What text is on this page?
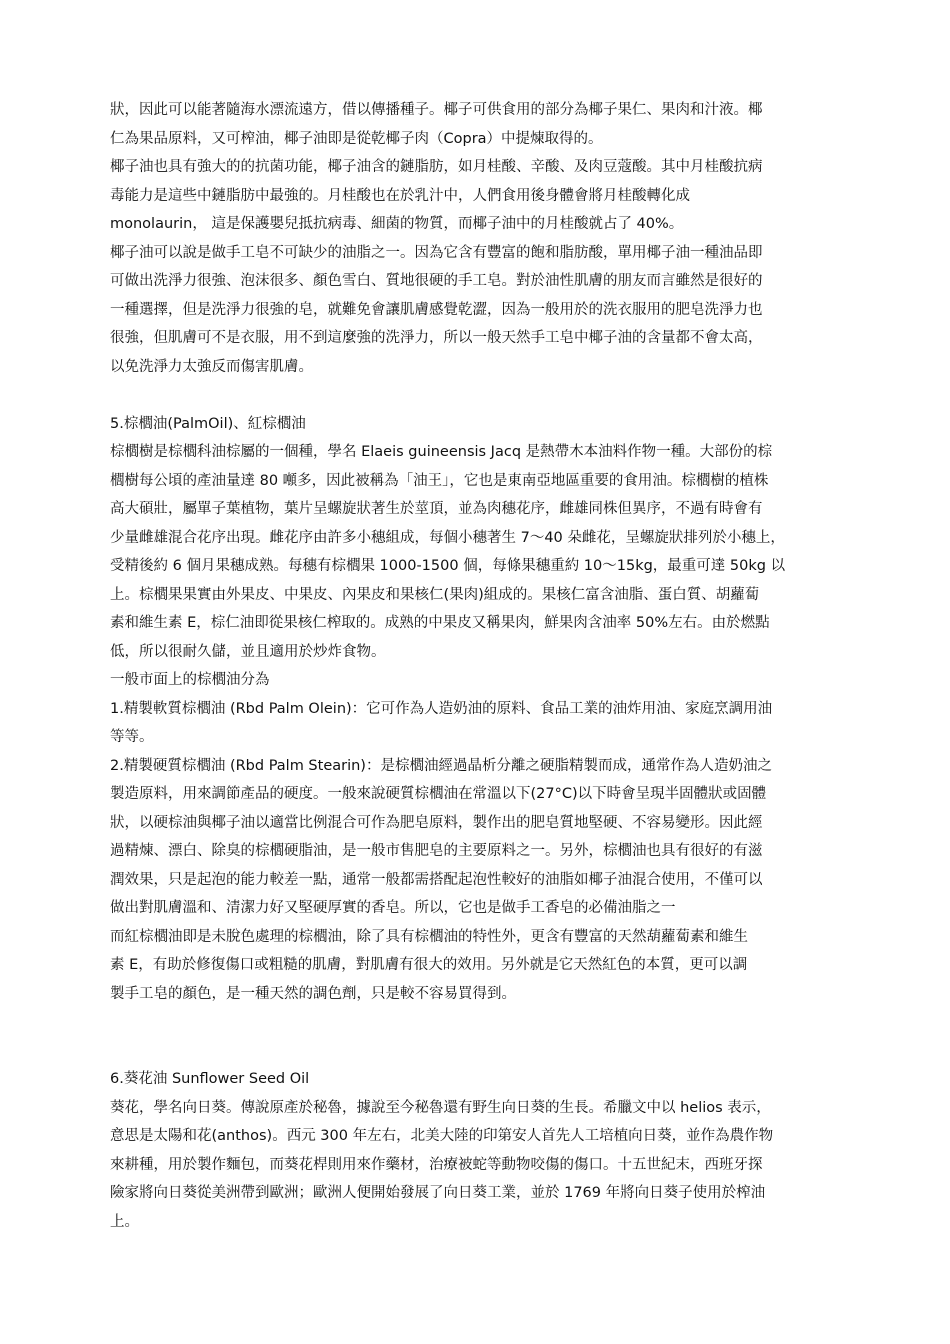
狀，因此可以能著隨海水漂流遠方，借以傳播種子。椰子可供食用的部分為椰子果仁、果肉和汁液。椰
仁為果品原料，又可榨油，椰子油即是從乾椰子肉（Copra）中提煉取得的。
椰子油也具有強大的的抗菌功能，椰子油含的鏈脂肪，如月桂酸、辛酸、及肉豆蔻酸。其中月桂酸抗病
毒能力是這些中鏈脂肪中最強的。月桂酸也在於乳汁中，人們食用後身體會將月桂酸轉化成
monolaurin， 這是保護嬰兒抵抗病毒、細菌的物質，而椰子油中的月桂酸就占了 40%。
椰子油可以說是做手工皂不可缺少的油脂之一。因為它含有豐富的飽和脂肪酸，單用椰子油一種油品即
可做出洗淨力很強、泡沫很多、顏色雪白、質地很硬的手工皂。對於油性肌膚的朋友而言雖然是很好的
一種選擇，但是洗淨力很強的皂，就難免會讓肌膚感覺乾澀，因為一般用於的洗衣服用的肥皂洗淨力也
很強，但肌膚可不是衣服，用不到這麼強的洗淨力，所以一般天然手工皂中椰子油的含量都不會太高，
以免洗淨力太強反而傷害肌膚。
5.棕櫚油(PalmOil)、紅棕櫚油
棕櫚樹是棕櫚科油棕屬的一個種，學名 Elaeis guineensis Jacq 是熱帶木本油料作物一種。大部份的棕
櫚樹每公頃的產油量達 80 噸多，因此被稱為「油王」，它也是東南亞地區重要的食用油。棕櫚樹的植株
高大碩壯，屬單子葉植物，葉片呈螺旋狀著生於莖頂，並為肉穗花序，雌雄同株但異序，不過有時會有
少量雌雄混合花序出現。雌花序由許多小穗組成，每個小穗著生 7～40 朵雌花，呈螺旋狀排列於小穗上，
受精後約 6 個月果穗成熟。每穗有棕櫚果 1000-1500 個，每條果穗重約 10～15kg，最重可達 50kg 以
上。棕櫚果果實由外果皮、中果皮、內果皮和果核仁(果肉)組成的。果核仁富含油脂、蛋白質、胡蘿蔔
素和維生素 E，棕仁油即從果核仁榨取的。成熟的中果皮又稱果肉，鮮果肉含油率 50%左右。由於燃點
低，所以很耐久儲，並且適用於炒炸食物。
一般市面上的棕櫚油分為
1.精製軟質棕櫚油 (Rbd Palm Olein)：它可作為人造奶油的原料、食品工業的油炸用油、家庭烹調用油
等等。
2.精製硬質棕櫚油 (Rbd Palm Stearin)：是棕櫚油經過晶析分離之硬脂精製而成，通常作為人造奶油之
製造原料，用來調節產品的硬度。一般來說硬質棕櫚油在常溫以下(27°C)以下時會呈現半固體狀或固體
狀，以硬棕油與椰子油以適當比例混合可作為肥皂原料，製作出的肥皂質地堅硬、不容易變形。因此經
過精煉、漂白、除臭的棕櫚硬脂油，是一般市售肥皂的主要原料之一。另外，棕櫚油也具有很好的有滋
潤效果，只是起泡的能力較差一點，通常一般都需搭配起泡性較好的油脂如椰子油混合使用，不僅可以
做出對肌膚溫和、清潔力好又堅硬厚實的香皂。所以，它也是做手工香皂的必備油脂之一
而紅棕櫚油即是未脫色處理的棕櫚油，除了具有棕櫚油的特性外，更含有豐富的天然葫蘿蔔素和維生
素 E，有助於修復傷口或粗糙的肌膚，對肌膚有很大的效用。另外就是它天然紅色的本質，更可以調
製手工皂的顏色，是一種天然的調色劑，只是較不容易買得到。
6.葵花油 Sunflower Seed Oil
葵花，學名向日葵。傳說原產於秘魯，據說至今秘魯還有野生向日葵的生長。希臘文中以 helios 表示，
意思是太陽和花(anthos)。西元 300 年左右，北美大陸的印第安人首先人工培植向日葵，並作為農作物
來耕種，用於製作麵包，而葵花桿則用來作藥材，治療被蛇等動物咬傷的傷口。十五世紀末，西班牙探
險家將向日葵從美洲帶到歐洲；歐洲人便開始發展了向日葵工業，並於 1769 年將向日葵子使用於榨油
上。
